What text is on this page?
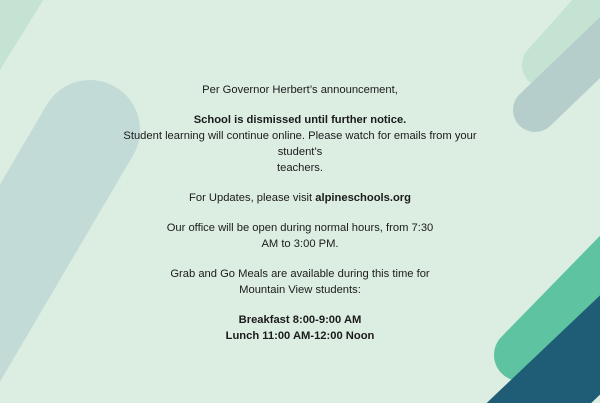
Per Governor Herbert’s announcement,

School is dismissed until further notice.

Student learning will continue online. Please watch for emails from your

student’s

teachers.

For Updates, please visit alpineschools.org

Our office will be open during normal hours, from 7:30

AM to 3:00 PM.

Grab and Go Meals are available during this time for

Mountain View students:

Breakfast 8:00-9:00 AM

Lunch 11:00 AM-12:00 Noon
